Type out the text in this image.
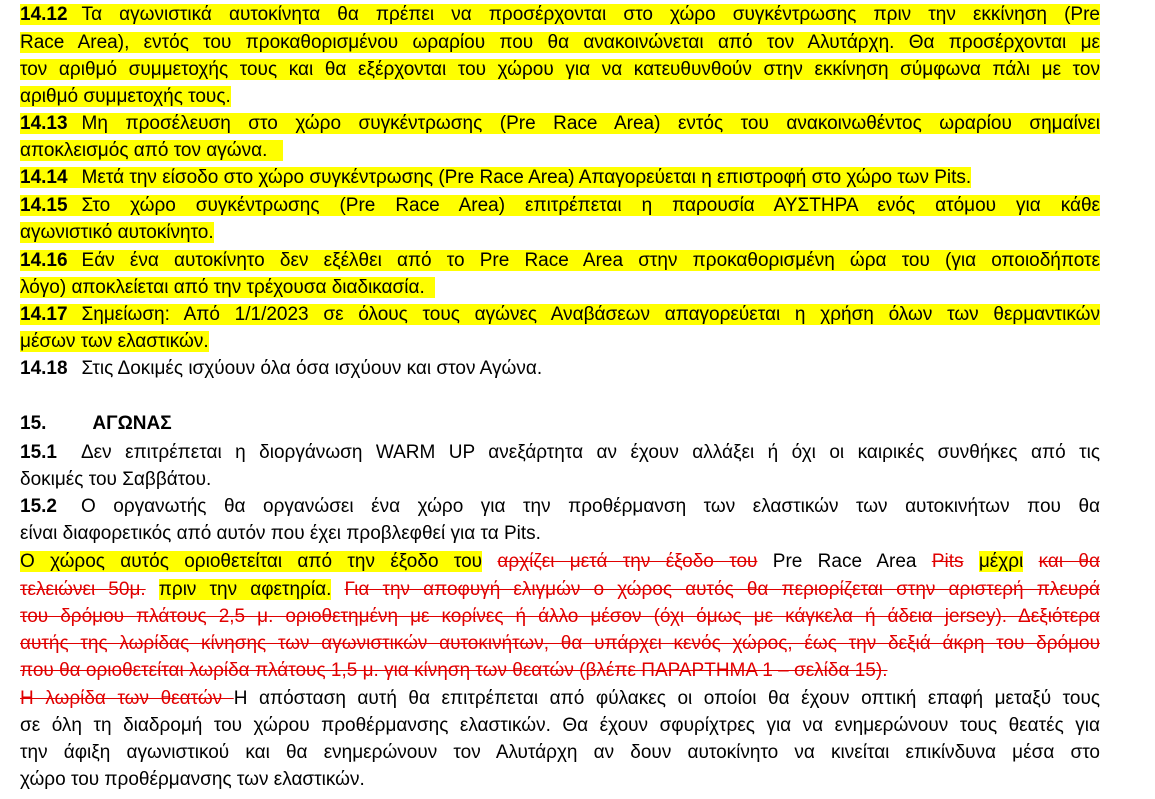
14.12 Τα αγωνιστικά αυτοκίνητα θα πρέπει να προσέρχονται στο χώρο συγκέντρωσης πριν την εκκίνηση (Pre
Race Area), εντός του προκαθορισμένου ωραρίου που θα ανακοινώνεται από τον Αλυτάρχη. Θα προσέρχονται με
τον αριθμό συμμετοχής τους και θα εξέρχονται του χώρου για να κατευθυνθούν στην εκκίνηση σύμφωνα πάλι με τον
αριθμό συμμετοχής τους.
14.13 Μη προσέλευση στο χώρο συγκέντρωσης (Pre Race Area) εντός του ανακοινωθέντος ωραρίου σημαίνει
αποκλεισμός από τον αγώνα.
14.14 Μετά την είσοδο στο χώρο συγκέντρωσης (Pre Race Area) Απαγορεύεται η επιστροφή στο χώρο των Pits.
14.15 Στο χώρο συγκέντρωσης (Pre Race Area) επιτρέπεται η παρουσία ΑΥΣΤΗΡΑ ενός ατόμου για κάθε
αγωνιστικό αυτοκίνητο.
14.16 Εάν ένα αυτοκίνητο δεν εξέλθει από το Pre Race Area στην προκαθορισμένη ώρα του (για οποιοδήποτε
λόγο) αποκλείεται από την τρέχουσα διαδικασία.
14.17 Σημείωση: Από 1/1/2023 σε όλους τους αγώνες Αναβάσεων απαγορεύεται η χρήση όλων των θερμαντικών
μέσων των ελαστικών.
14.18 Στις Δοκιμές ισχύουν όλα όσα ισχύουν και στον Αγώνα.
15. ΑΓΩΝΑΣ
15.1 Δεν επιτρέπεται η διοργάνωση WARM UP ανεξάρτητα αν έχουν αλλάξει ή όχι οι καιρικές συνθήκες από τις
δοκιμές του Σαββάτου.
15.2 Ο οργανωτής θα οργανώσει ένα χώρο για την προθέρμανση των ελαστικών των αυτοκινήτων που θα
είναι διαφορετικός από αυτόν που έχει προβλεφθεί για τα Pits.
Ο χώρος αυτός οριοθετείται από την έξοδο του αρχίζει μετά την έξοδο του Pre Race Area Pits μέχρι και θα
τελειώνει 50μ. πριν την αφετηρία. Για την αποφυγή ελιγμών ο χώρος αυτός θα περιορίζεται στην αριστερή πλευρά
του δρόμου πλάτους 2,5 μ. οριοθετημένη με κορίνες ή άλλο μέσον (όχι όμως με κάγκελα ή άδεια jersey). Δεξιότερα
αυτής της λωρίδας κίνησης των αγωνιστικών αυτοκινήτων, θα υπάρχει κενός χώρος, έως την δεξιά άκρη του δρόμου
που θα οριοθετείται λωρίδα πλάτους 1,5 μ. για κίνηση των θεατών (βλέπε ΠΑΡΑΡΤΗΜΑ 1 – σελίδα 15).
Η λωρίδα των θεατών Η απόσταση αυτή θα επιτρέπεται από φύλακες οι οποίοι θα έχουν οπτική επαφή μεταξύ τους
σε όλη τη διαδρομή του χώρου προθέρμανσης ελαστικών. Θα έχουν σφυρίχτρες για να ενημερώνουν τους θεατές για
την άφιξη αγωνιστικού και θα ενημερώνουν τον Αλυτάρχη αν δουν αυτοκίνητο να κινείται επικίνδυνα μέσα στο
χώρο του προθέρμανσης των ελαστικών.
